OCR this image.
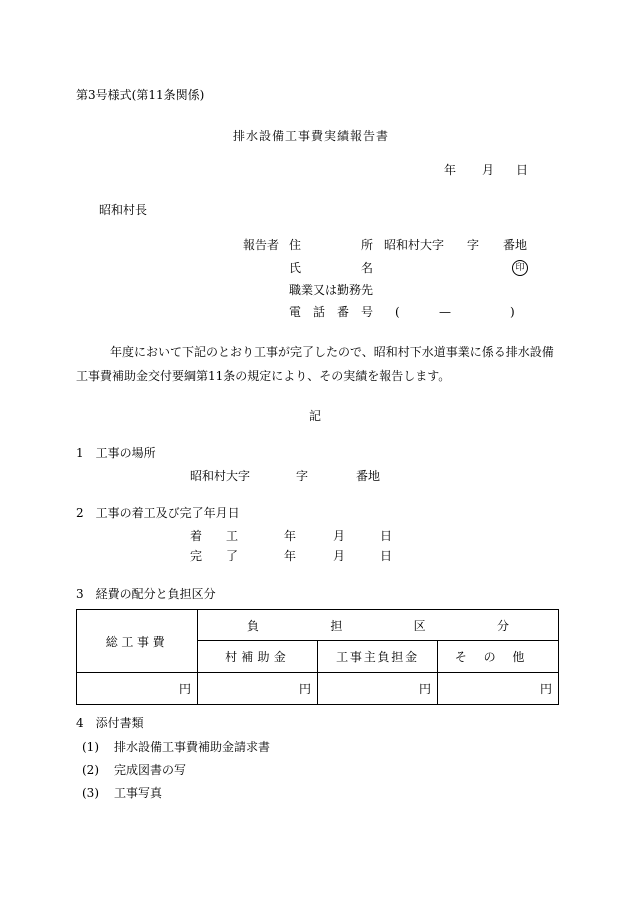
第3号様式(第11条関係)
排水設備工事費実績報告書
年 月 日
昭和村長
報告者 住	所 昭和村大字 字 番地
氏	名	印
職業又は勤務先
電 話 番 号 (	—	)
年度において下記のとおり工事が完了したので、昭和村下水道事業に係る排水設備
工事費補助金交付要綱第11条の規定により、その実績を報告します。
記
1　工事の場所
昭和村大字	字	番地
2　工事の着工及び完了年月日
着 工	年	月	日
完 了	年	月	日
3　経費の配分と負担区分
総工事費	負 担 区 分		

	村補助金	工事主負担金	その他
円	円	円	円
4　添付書類
(1) 排水設備工事費補助金請求書
(2) 完成図書の写
(3) 工事写真
